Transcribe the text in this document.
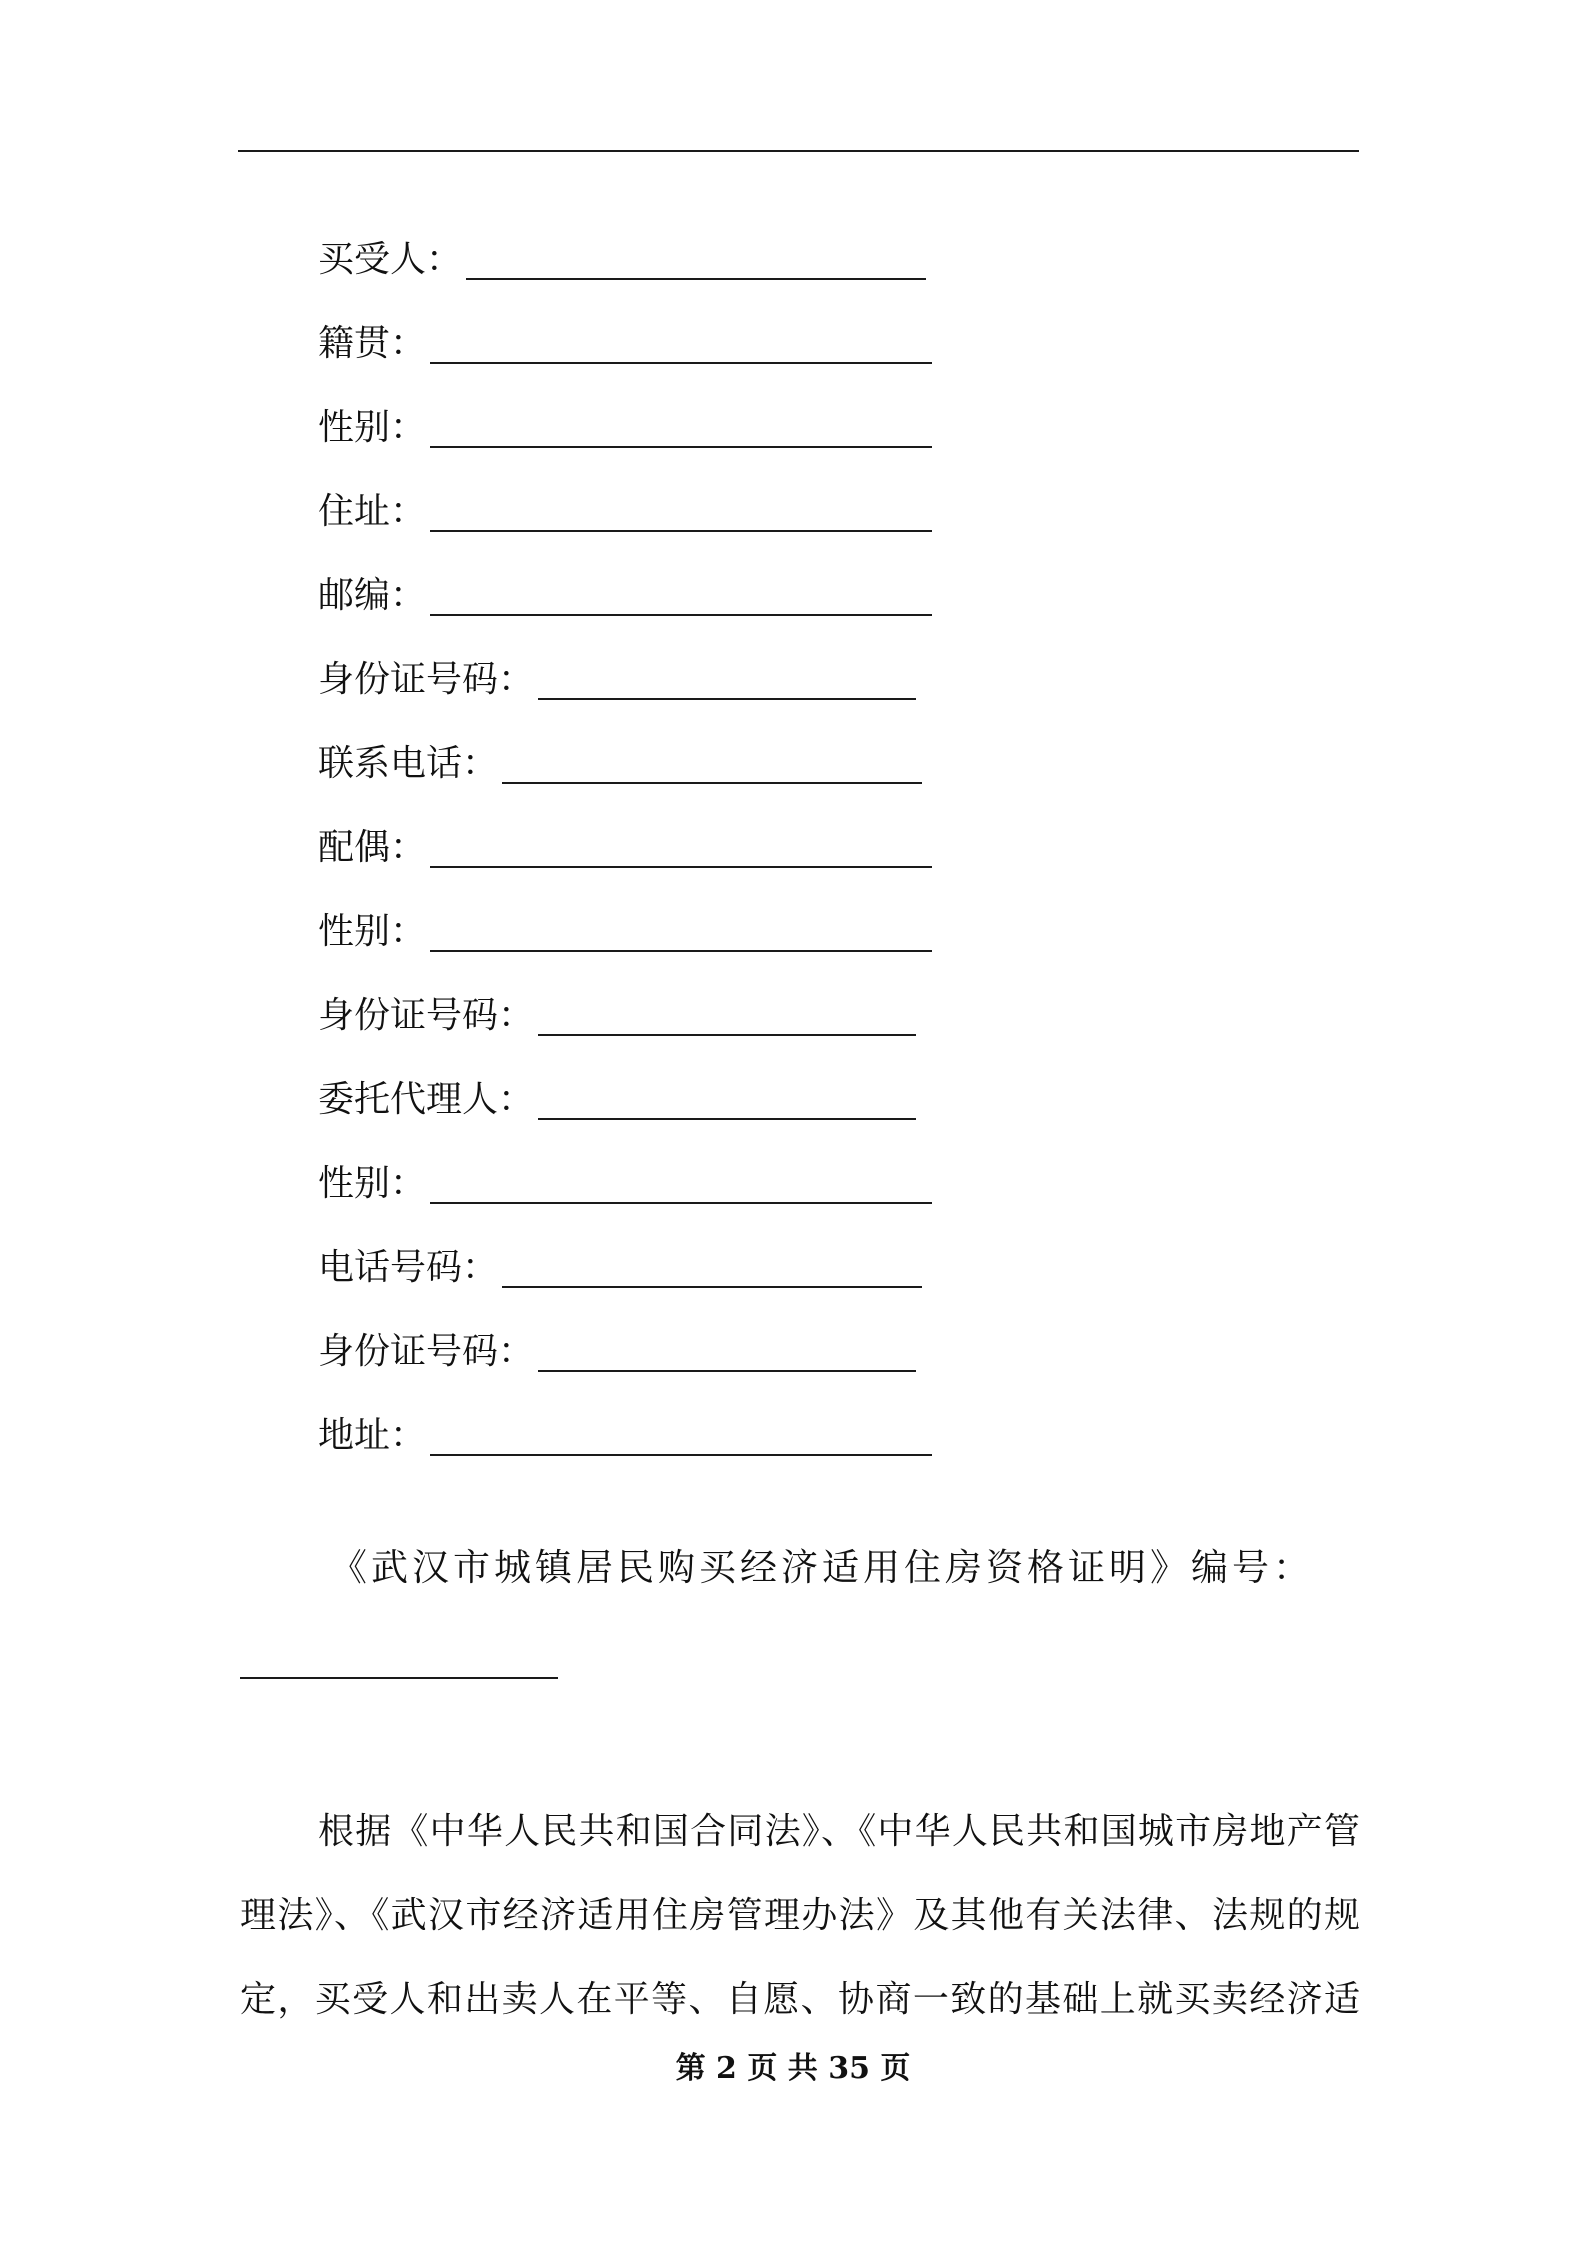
买受人：
籍贯：
性别：
住址：
邮编：
身份证号码：
联系电话：
配偶：
性别：
身份证号码：
委托代理人：
性别：
电话号码：
身份证号码：
地址：
《武汉市城镇居民购买经济适用住房资格证明》编号：

根据《中华人民共和国合同法》、《中华人民共和国城市房地产管
理法》、《武汉市经济适用住房管理办法》及其他有关法律、法规的规
定，买受人和出卖人在平等、自愿、协商一致的基础上就买卖经济适

第 2 页 共 35 页
